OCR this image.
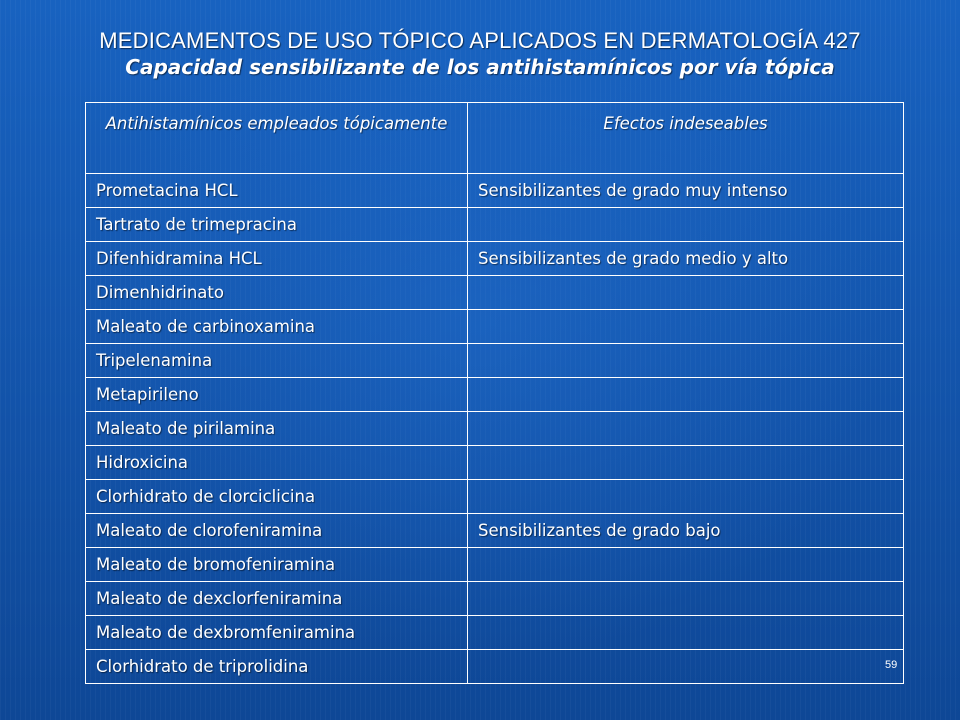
MEDICAMENTOS DE USO TÓPICO APLICADOS EN DERMATOLOGÍA 427
Capacidad sensibilizante de los antihistamínicos por vía tópica
Antihistamínicos empleados tópicamente	Efectos indeseables
Prometacina HCL	Sensibilizantes de grado muy intenso
Tartrato de trimepracina	
Difenhidramina HCL	Sensibilizantes de grado medio y alto
Dimenhidrinato	
Maleato de carbinoxamina	
Tripelenamina	
Metapirileno	
Maleato de pirilamina	
Hidroxicina	
Clorhidrato de clorciclicina	
Maleato de clorofeniramina	Sensibilizantes de grado bajo
Maleato de bromofeniramina	
Maleato de dexclorfeniramina	
Maleato de dexbromfeniramina	
Clorhidrato de triprolidina		59
